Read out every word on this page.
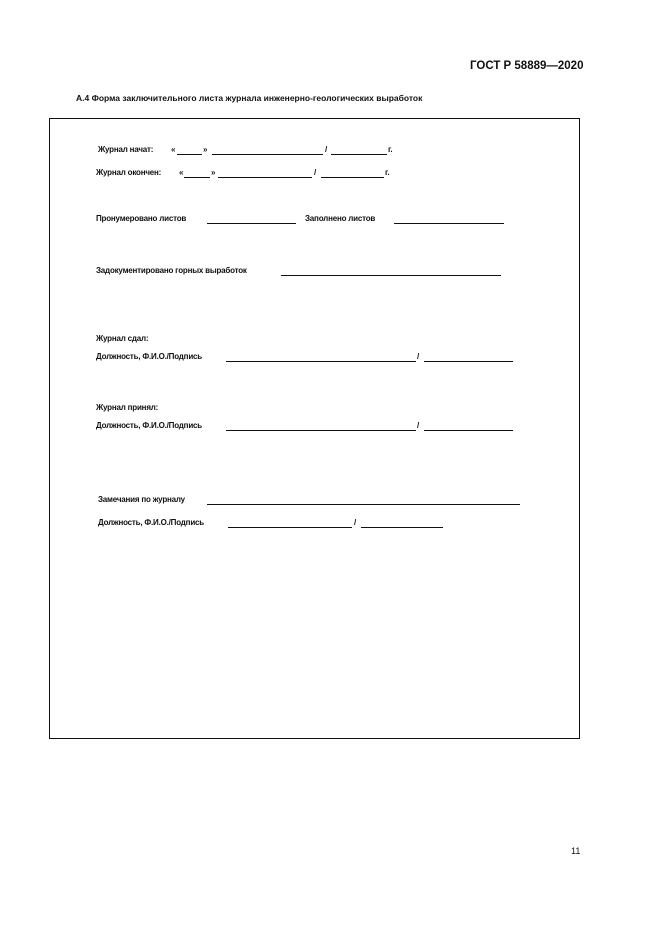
ГОСТ Р 58889—2020
А.4 Форма заключительного листа журнала инженерно-геологических выработок
Журнал начат: «	»	/	г.
Журнал окончен: «	»	/	г.
Пронумеровано листов	Заполнено листов
Задокументировано горных выработок
Журнал сдал:
Должность, Ф.И.О./Подпись	/
Журнал принял:
Должность, Ф.И.О./Подпись	/
Замечания по журналу
Должность, Ф.И.О./Подпись	/
11
